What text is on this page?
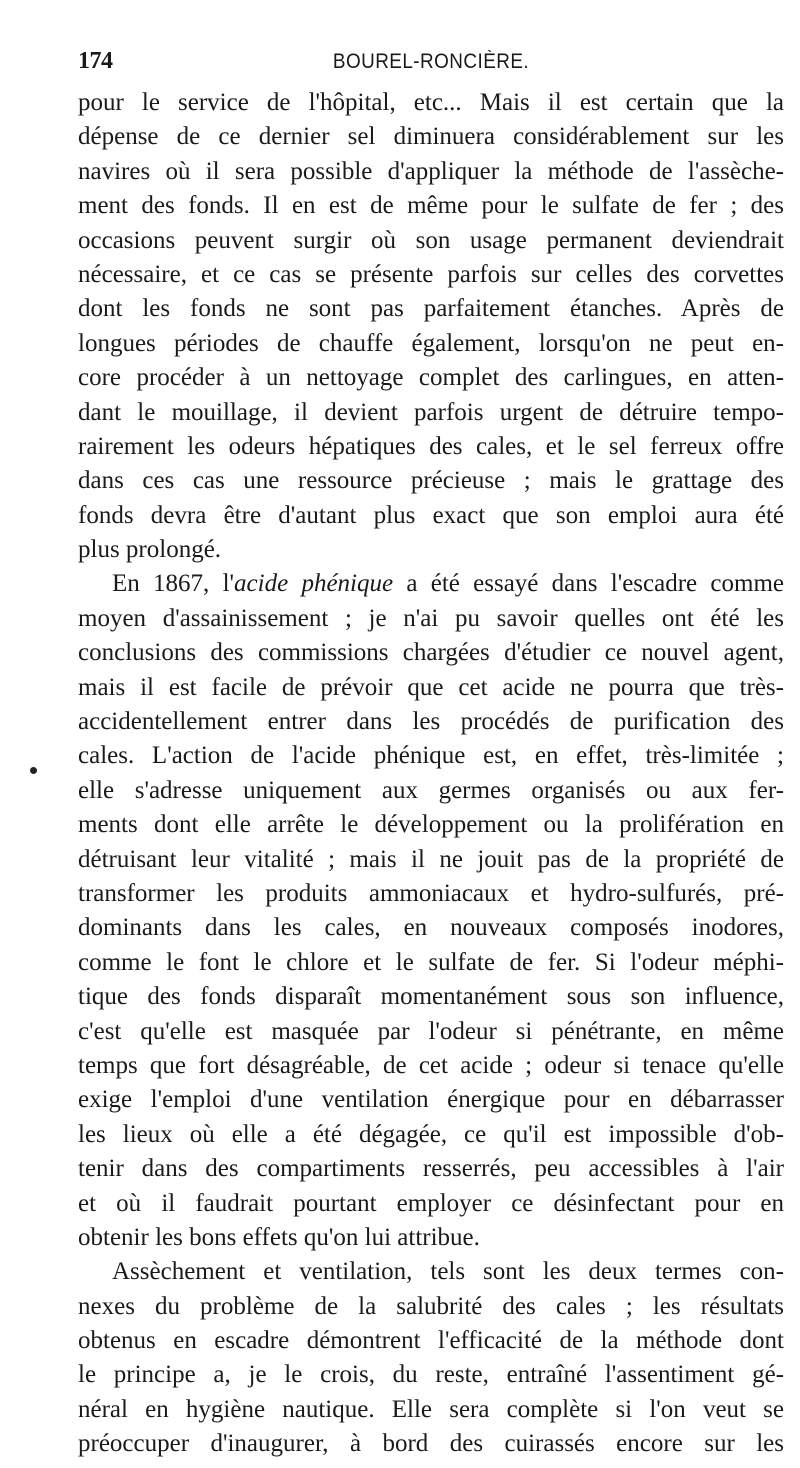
174	BOUREL-RONCIÈRE.
pour le service de l'hôpital, etc... Mais il est certain que la
dépense de ce dernier sel diminuera considérablement sur les
navires où il sera possible d'appliquer la méthode de l'assèche-
ment des fonds. Il en est de même pour le sulfate de fer ; des
occasions peuvent surgir où son usage permanent deviendrait
nécessaire, et ce cas se présente parfois sur celles des corvettes
dont les fonds ne sont pas parfaitement étanches. Après de
longues périodes de chauffe également, lorsqu'on ne peut en-
core procéder à un nettoyage complet des carlingues, en atten-
dant le mouillage, il devient parfois urgent de détruire tempo-
rairement les odeurs hépatiques des cales, et le sel ferreux offre
dans ces cas une ressource précieuse ; mais le grattage des
fonds devra être d'autant plus exact que son emploi aura été
plus prolongé.
En 1867, l'acide phénique a été essayé dans l'escadre comme
moyen d'assainissement ; je n'ai pu savoir quelles ont été les
conclusions des commissions chargées d'étudier ce nouvel agent,
mais il est facile de prévoir que cet acide ne pourra que très-
accidentellement entrer dans les procédés de purification des
cales. L'action de l'acide phénique est, en effet, très-limitée ;
elle s'adresse uniquement aux germes organisés ou aux fer-
ments dont elle arrête le développement ou la prolifération en
détruisant leur vitalité ; mais il ne jouit pas de la propriété de
transformer les produits ammoniacaux et hydro-sulfurés, pré-
dominants dans les cales, en nouveaux composés inodores,
comme le font le chlore et le sulfate de fer. Si l'odeur méphi-
tique des fonds disparaît momentanément sous son influence,
c'est qu'elle est masquée par l'odeur si pénétrante, en même
temps que fort désagréable, de cet acide ; odeur si tenace qu'elle
exige l'emploi d'une ventilation énergique pour en débarrasser
les lieux où elle a été dégagée, ce qu'il est impossible d'ob-
tenir dans des compartiments resserrés, peu accessibles à l'air
et où il faudrait pourtant employer ce désinfectant pour en
obtenir les bons effets qu'on lui attribue.
Assèchement et ventilation, tels sont les deux termes con-
nexes du problème de la salubrité des cales ; les résultats
obtenus en escadre démontrent l'efficacité de la méthode dont
le principe a, je le crois, du reste, entraîné l'assentiment gé-
néral en hygiène nautique. Elle sera complète si l'on veut se
préoccuper d'inaugurer, à bord des cuirassés encore sur les
